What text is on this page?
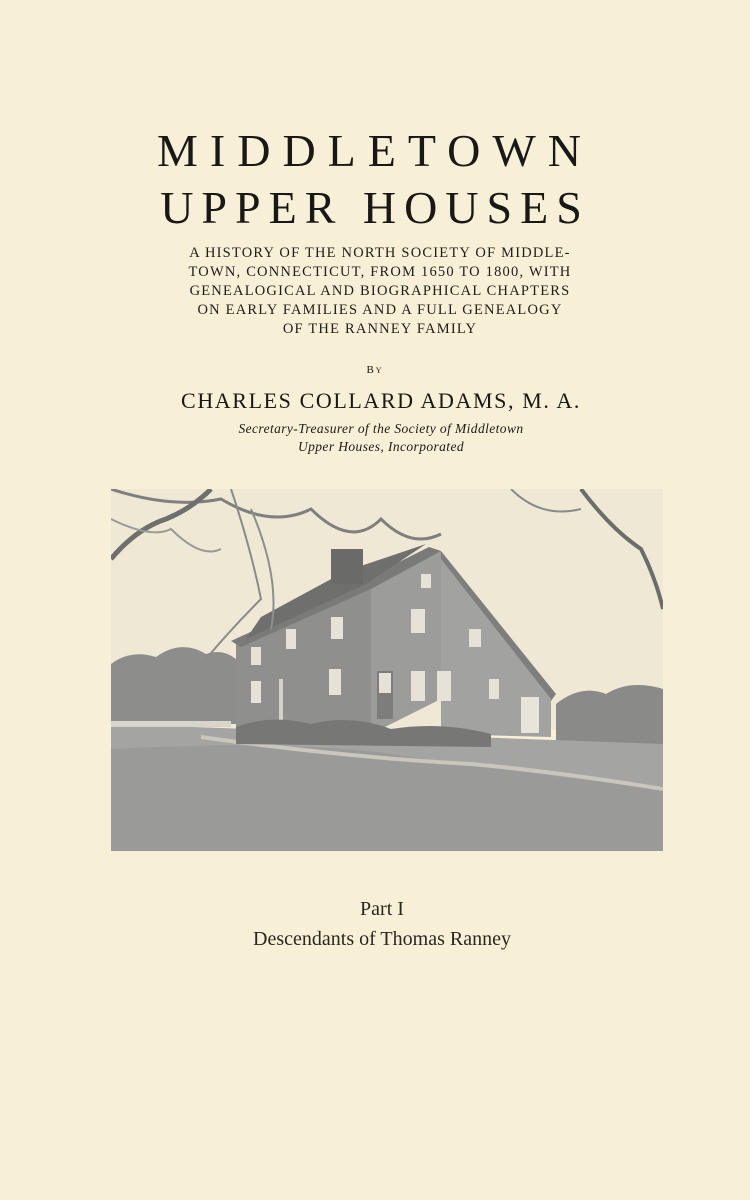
MIDDLETOWN
UPPER HOUSES
A HISTORY OF THE NORTH SOCIETY OF MIDDLE-
TOWN, CONNECTICUT, FROM 1650 TO 1800, WITH
GENEALOGICAL AND BIOGRAPHICAL CHAPTERS
ON EARLY FAMILIES AND A FULL GENEALOGY
OF THE RANNEY FAMILY
By
CHARLES COLLARD ADAMS, M. A.
Secretary-Treasurer of the Society of Middletown
Upper Houses, Incorporated
Part I
Descendants of Thomas Ranney
